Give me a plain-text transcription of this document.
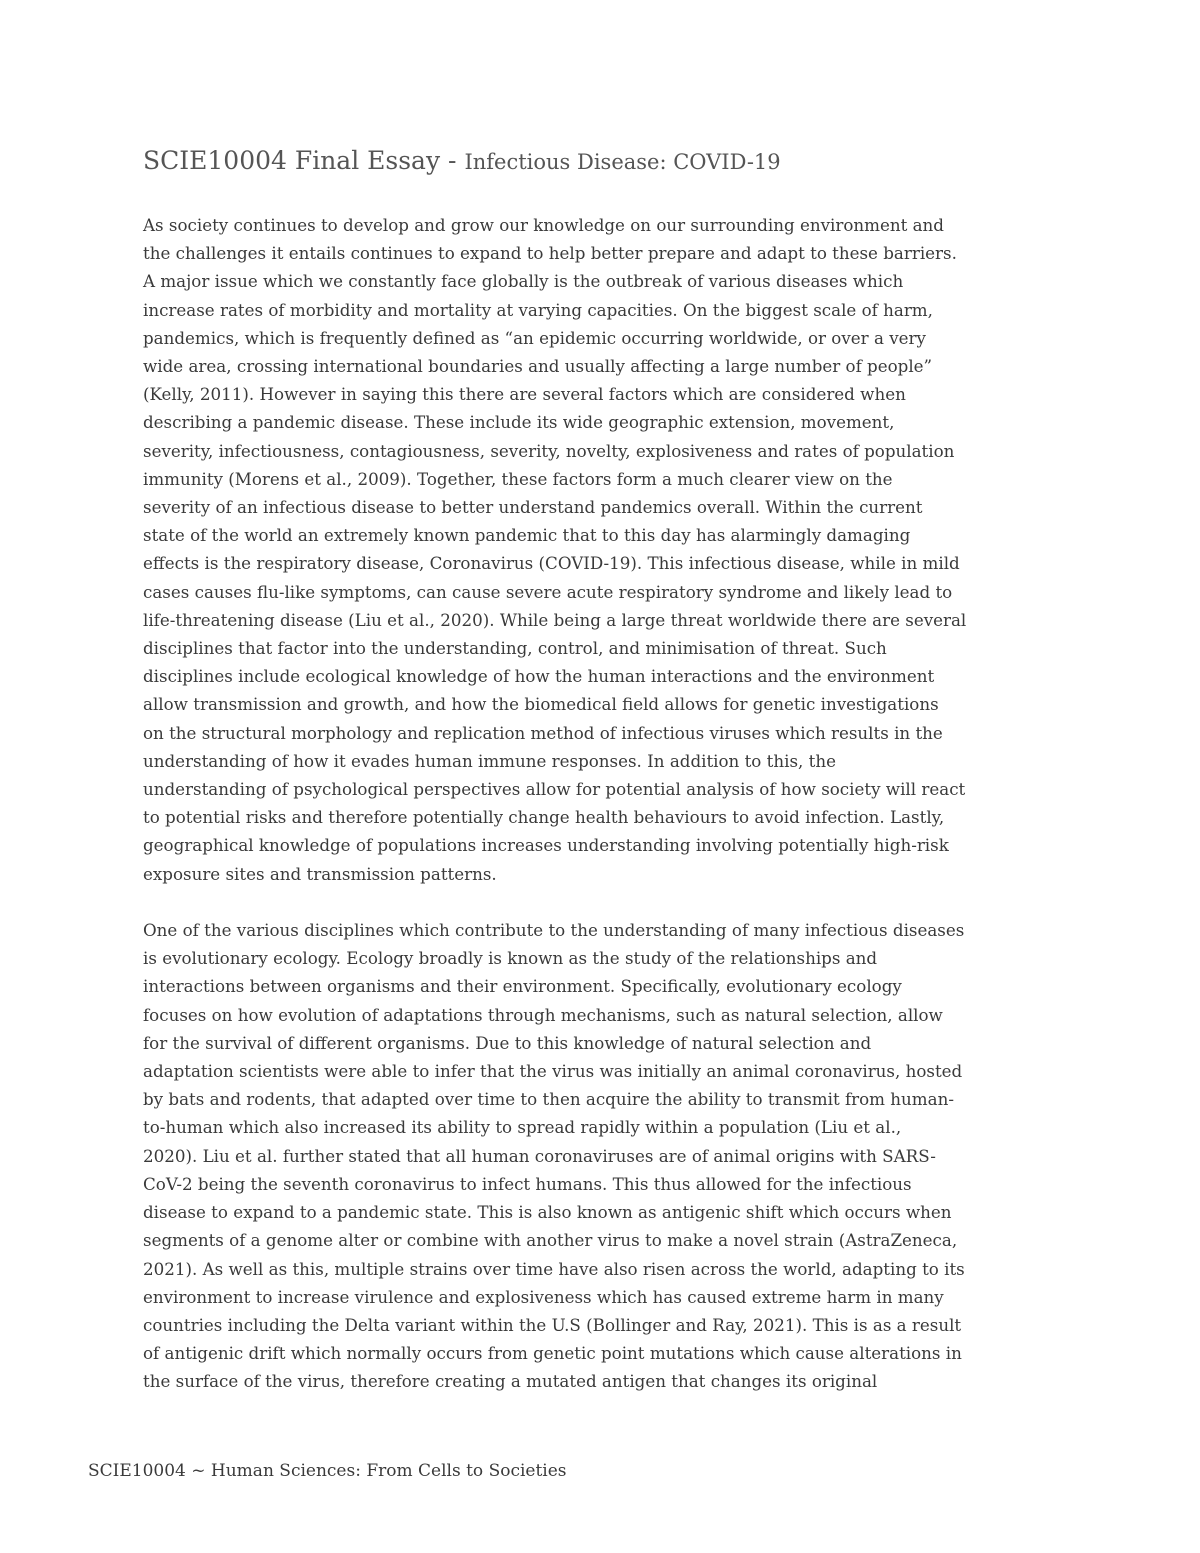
SCIE10004 Final Essay - Infectious Disease: COVID-19

As society continues to develop and grow our knowledge on our surrounding environment and
the challenges it entails continues to expand to help better prepare and adapt to these barriers.
A major issue which we constantly face globally is the outbreak of various diseases which
increase rates of morbidity and mortality at varying capacities. On the biggest scale of harm,
pandemics, which is frequently defined as “an epidemic occurring worldwide, or over a very
wide area, crossing international boundaries and usually affecting a large number of people”
(Kelly, 2011). However in saying this there are several factors which are considered when
describing a pandemic disease. These include its wide geographic extension, movement,
severity, infectiousness, contagiousness, severity, novelty, explosiveness and rates of population
immunity (Morens et al., 2009). Together, these factors form a much clearer view on the
severity of an infectious disease to better understand pandemics overall. Within the current
state of the world an extremely known pandemic that to this day has alarmingly damaging
effects is the respiratory disease, Coronavirus (COVID-19). This infectious disease, while in mild
cases causes flu-like symptoms, can cause severe acute respiratory syndrome and likely lead to
life-threatening disease (Liu et al., 2020). While being a large threat worldwide there are several
disciplines that factor into the understanding, control, and minimisation of threat. Such
disciplines include ecological knowledge of how the human interactions and the environment
allow transmission and growth, and how the biomedical field allows for genetic investigations
on the structural morphology and replication method of infectious viruses which results in the
understanding of how it evades human immune responses. In addition to this, the
understanding of psychological perspectives allow for potential analysis of how society will react
to potential risks and therefore potentially change health behaviours to avoid infection. Lastly,
geographical knowledge of populations increases understanding involving potentially high-risk
exposure sites and transmission patterns.

One of the various disciplines which contribute to the understanding of many infectious diseases
is evolutionary ecology. Ecology broadly is known as the study of the relationships and
interactions between organisms and their environment. Specifically, evolutionary ecology
focuses on how evolution of adaptations through mechanisms, such as natural selection, allow
for the survival of different organisms. Due to this knowledge of natural selection and
adaptation scientists were able to infer that the virus was initially an animal coronavirus, hosted
by bats and rodents, that adapted over time to then acquire the ability to transmit from human-
to-human which also increased its ability to spread rapidly within a population (Liu et al.,
2020). Liu et al. further stated that all human coronaviruses are of animal origins with SARS-
CoV-2 being the seventh coronavirus to infect humans. This thus allowed for the infectious
disease to expand to a pandemic state. This is also known as antigenic shift which occurs when
segments of a genome alter or combine with another virus to make a novel strain (AstraZeneca,
2021). As well as this, multiple strains over time have also risen across the world, adapting to its
environment to increase virulence and explosiveness which has caused extreme harm in many
countries including the Delta variant within the U.S (Bollinger and Ray, 2021). This is as a result
of antigenic drift which normally occurs from genetic point mutations which cause alterations in
the surface of the virus, therefore creating a mutated antigen that changes its original

SCIE10004 ~ Human Sciences: From Cells to Societies
